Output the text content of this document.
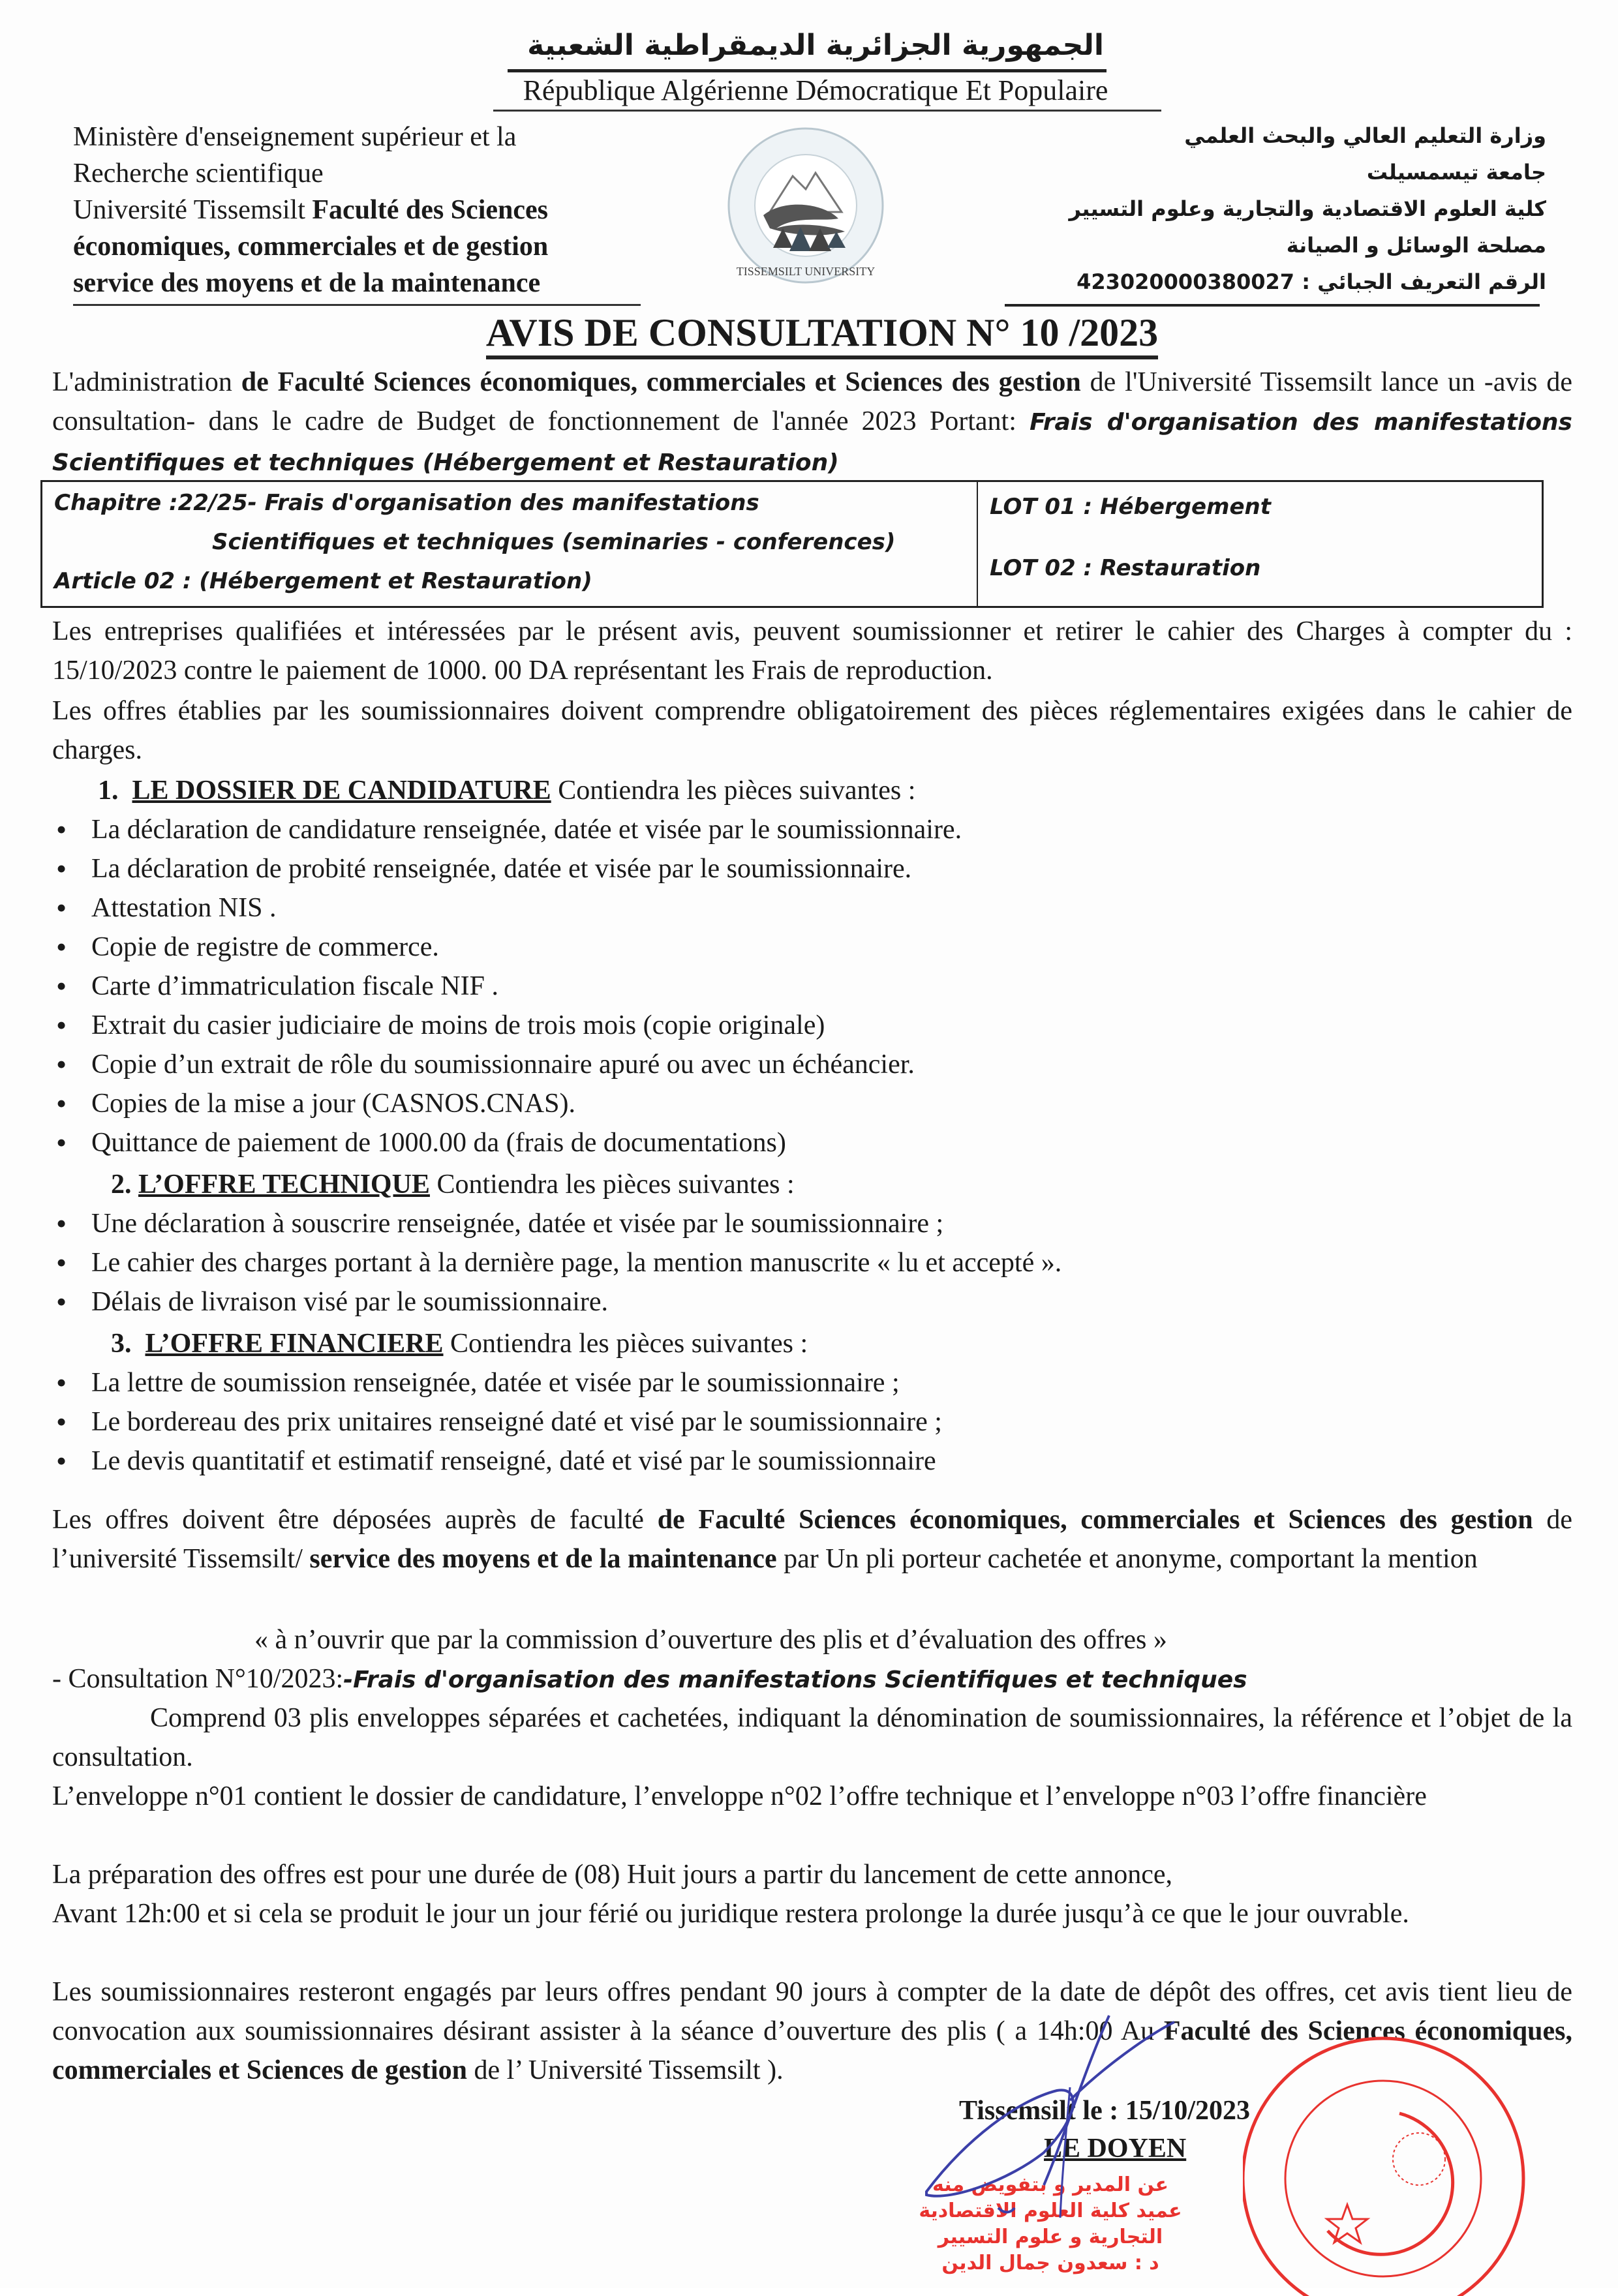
الجمهورية الجزائرية الديمقراطية الشعبية
République Algérienne Démocratique Et Populaire
Ministère d'enseignement supérieur et la
Recherche scientifique
Université Tissemsilt Faculté des Sciences
économiques, commerciales et de gestion
service des moyens et de la maintenance	TISSEMSILT UNIVERSITY
وزارة التعليم العالي والبحث العلمي
جامعة تيسمسيلت
كلية العلوم الاقتصادية والتجارية وعلوم التسيير
مصلحة الوسائل و الصيانة
الرقم التعريف الجبائي : 423020000380027
AVIS DE CONSULTATION N° 10 /2023
L'administration de Faculté Sciences économiques, commerciales et Sciences des gestion de l'Université Tissemsilt lance un -avis de consultation- dans le cadre de Budget de fonctionnement de l'année 2023 Portant: Frais d'organisation des manifestations Scientifiques et techniques (Hébergement et Restauration)
Chapitre :22/25- Frais d'organisation des manifestations
Scientifiques et techniques (seminaries - conferences)
Article 02 : (Hébergement et Restauration)
LOT 01 : Hébergement
LOT 02 : Restauration
Les entreprises qualifiées et intéressées par le présent avis, peuvent soumissionner et retirer le cahier des Charges à compter du : 15/10/2023 contre le paiement de 1000. 00 DA représentant les Frais de reproduction.
Les offres établies par les soumissionnaires doivent comprendre obligatoirement des pièces réglementaires exigées dans le cahier de charges.
1. LE DOSSIER DE CANDIDATURE Contiendra les pièces suivantes :
• La déclaration de candidature renseignée, datée et visée par le soumissionnaire.
• La déclaration de probité renseignée, datée et visée par le soumissionnaire.
• Attestation NIS .
• Copie de registre de commerce.
• Carte d’immatriculation fiscale NIF .
• Extrait du casier judiciaire de moins de trois mois (copie originale)
• Copie d’un extrait de rôle du soumissionnaire apuré ou avec un échéancier.
• Copies de la mise a jour (CASNOS.CNAS).
• Quittance de paiement de 1000.00 da (frais de documentations)
2. L’OFFRE TECHNIQUE Contiendra les pièces suivantes :
• Une déclaration à souscrire renseignée, datée et visée par le soumissionnaire ;
• Le cahier des charges portant à la dernière page, la mention manuscrite « lu et accepté ».
• Délais de livraison visé par le soumissionnaire.
3. L’OFFRE FINANCIERE Contiendra les pièces suivantes :
• La lettre de soumission renseignée, datée et visée par le soumissionnaire ;
• Le bordereau des prix unitaires renseigné daté et visé par le soumissionnaire ;
• Le devis quantitatif et estimatif renseigné, daté et visé par le soumissionnaire
Les offres doivent être déposées auprès de faculté de Faculté Sciences économiques, commerciales et Sciences des gestion de l’université Tissemsilt/ service des moyens et de la maintenance par Un pli porteur cachetée et anonyme, comportant la mention
« à n’ouvrir que par la commission d’ouverture des plis et d’évaluation des offres »
- Consultation N°10/2023:-Frais d'organisation des manifestations Scientifiques et techniques
Comprend 03 plis enveloppes séparées et cachetées, indiquant la dénomination de soumissionnaires, la référence et l’objet de la consultation.
L’enveloppe n°01 contient le dossier de candidature, l’enveloppe n°02 l’offre technique et l’enveloppe n°03 l’offre financière
La préparation des offres est pour une durée de (08) Huit jours a partir du lancement de cette annonce,
Avant 12h:00 et si cela se produit le jour un jour férié ou juridique restera prolonge la durée jusqu’à ce que le jour ouvrable.
Les soumissionnaires resteront engagés par leurs offres pendant 90 jours à compter de la date de dépôt des offres, cet avis tient lieu de convocation aux soumissionnaires désirant assister à la séance d’ouverture des plis ( a 14h:00 Au Faculté des Sciences économiques, commerciales et Sciences de gestion de l’ Université Tissemsilt ).
Tissemsilt le : 15/10/2023
LE DOYEN
عن المدير و بتفويض منه
عميد كلية العلوم الاقتصادية
التجارية و علوم التسيير
د : سعدون جمال الدين
